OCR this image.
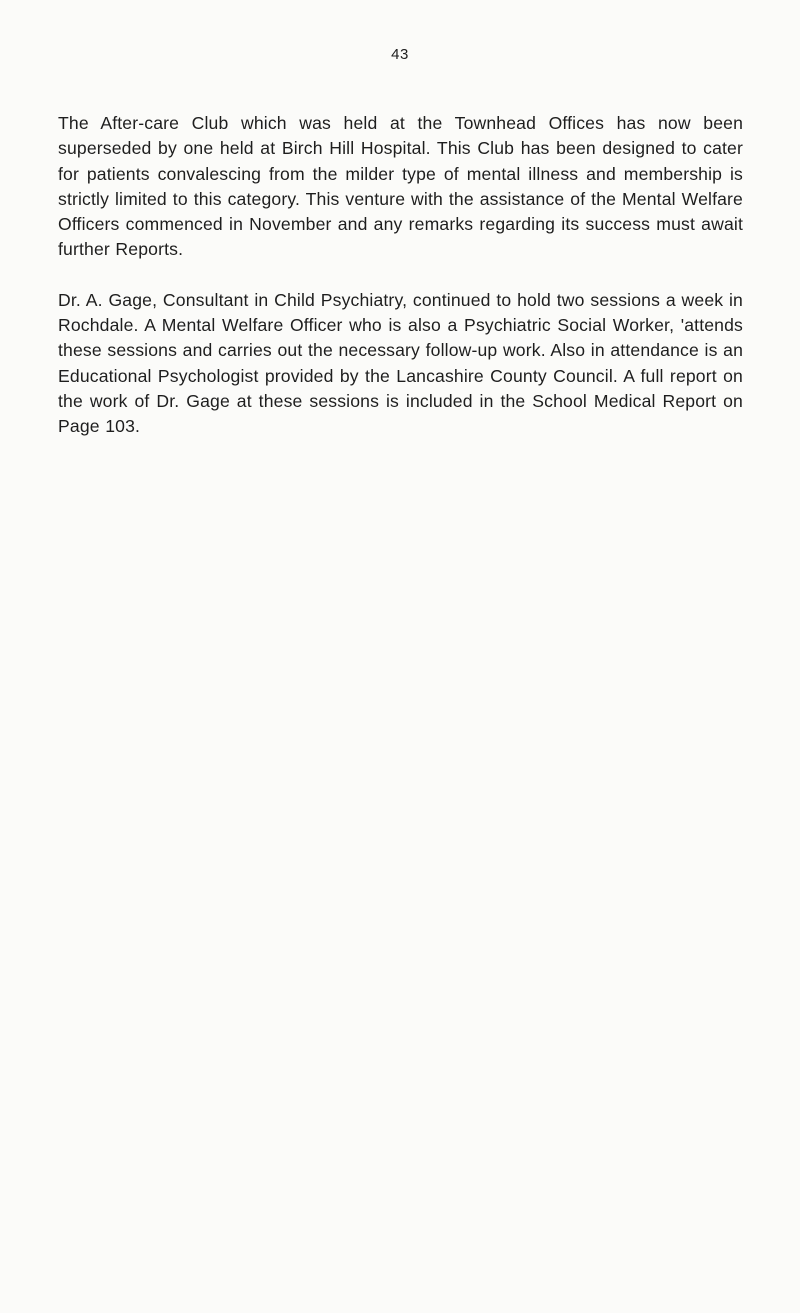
43

The After-care Club which was held at the Townhead Offices has now been superseded by one held at Birch Hill Hospital. This Club has been designed to cater for patients convalescing from the milder type of mental illness and membership is strictly limited to this category. This venture with the assistance of the Mental Welfare Officers commenced in November and any remarks regarding its success must await further Reports.

Dr. A. Gage, Consultant in Child Psychiatry, continued to hold two sessions a week in Rochdale. A Mental Welfare Officer who is also a Psychiatric Social Worker, 'attends these sessions and carries out the necessary follow-up work. Also in attendance is an Educational Psychologist provided by the Lancashire County Council. A full report on the work of Dr. Gage at these sessions is included in the School Medical Report on Page 103.
